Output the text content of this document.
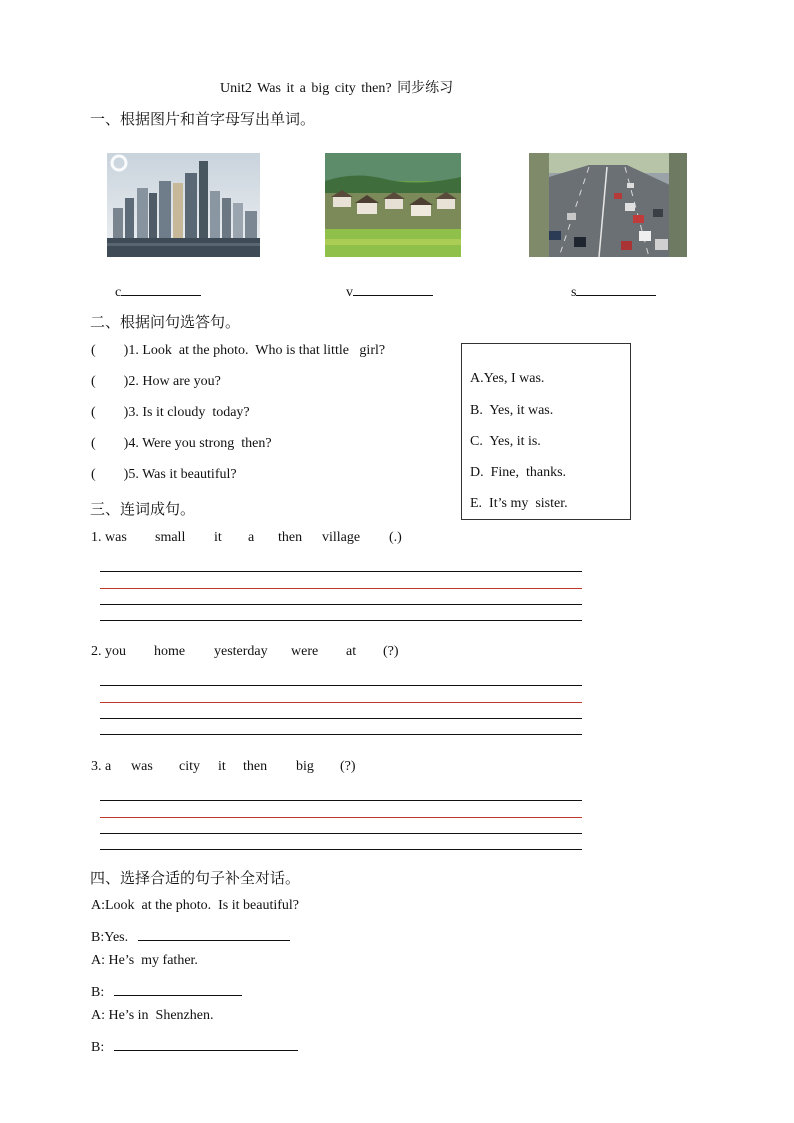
Unit2 Was it a big city then? 同步练习
一、根据图片和首字母写出单词。
c	v	s
二、根据问句选答句。
(        )1. Look  at the photo.  Who is that little   girl?
(        )2. How are you?
(        )3. Is it cloudy  today?
(        )4. Were you strong  then?
(        )5. Was it beautiful?
A.Yes, I was.
B.  Yes, it was.
C.  Yes, it is.
D.  Fine,  thanks.
E.  It’s my  sister.
三、连词成句。
1. was small it a then village (.)
2. you home yesterday were at (?)
3. a was city it then big (?)
四、选择合适的句子补全对话。
A:Look  at the photo.  Is it beautiful?
B:Yes.
A: He’s  my father.
B:
A: He’s in  Shenzhen.
B:
